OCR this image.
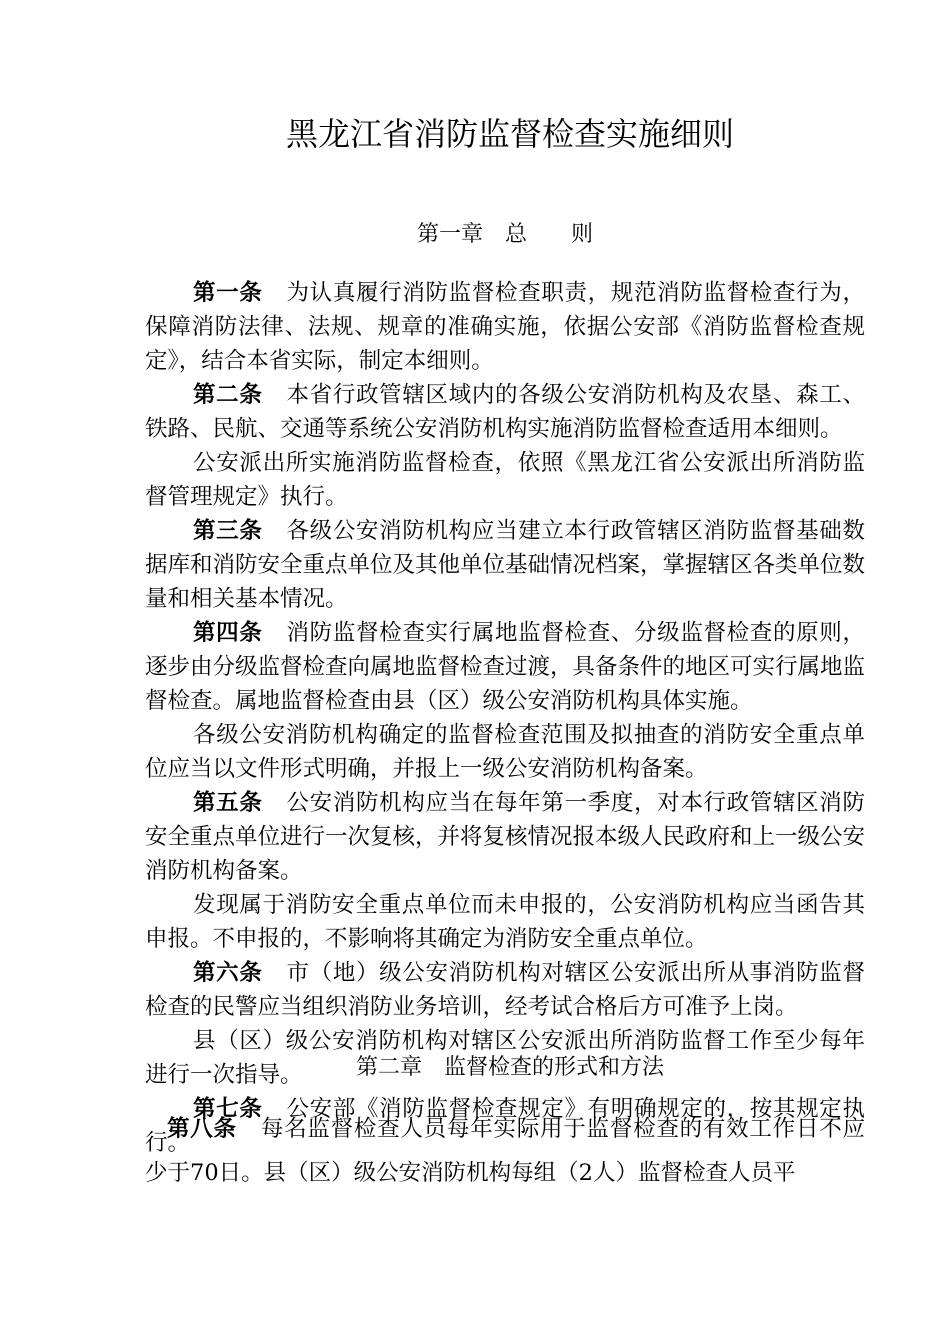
黑龙江省消防监督检查实施细则
第一章　总　　则

第一条 为认真履行消防监督检查职责，规范消防监督检查行为，保障消防法律、法规、规章的准确实施，依据公安部《消防监督检查规定》，结合本省实际，制定本细则。

第二条 本省行政管辖区域内的各级公安消防机构及农垦、森工、铁路、民航、交通等系统公安消防机构实施消防监督检查适用本细则。

公安派出所实施消防监督检查，依照《黑龙江省公安派出所消防监督管理规定》执行。

第三条 各级公安消防机构应当建立本行政管辖区消防监督基础数据库和消防安全重点单位及其他单位基础情况档案，掌握辖区各类单位数量和相关基本情况。

第四条 消防监督检查实行属地监督检查、分级监督检查的原则，逐步由分级监督检查向属地监督检查过渡，具备条件的地区可实行属地监督检查。属地监督检查由县（区）级公安消防机构具体实施。

各级公安消防机构确定的监督检查范围及拟抽查的消防安全重点单位应当以文件形式明确，并报上一级公安消防机构备案。

第五条 公安消防机构应当在每年第一季度，对本行政管辖区消防安全重点单位进行一次复核，并将复核情况报本级人民政府和上一级公安消防机构备案。

发现属于消防安全重点单位而未申报的，公安消防机构应当函告其申报。不申报的，不影响将其确定为消防安全重点单位。

第六条 市（地）级公安消防机构对辖区公安派出所从事消防监督检查的民警应当组织消防业务培训，经考试合格后方可准予上岗。

县（区）级公安消防机构对辖区公安派出所消防监督工作至少每年进行一次指导。

第七条 公安部《消防监督检查规定》有明确规定的，按其规定执行。

第二章　监督检查的形式和方法

第八条 每名监督检查人员每年实际用于监督检查的有效工作日不应少于70日。县（区）级公安消防机构每组（2人）监督检查人员平
